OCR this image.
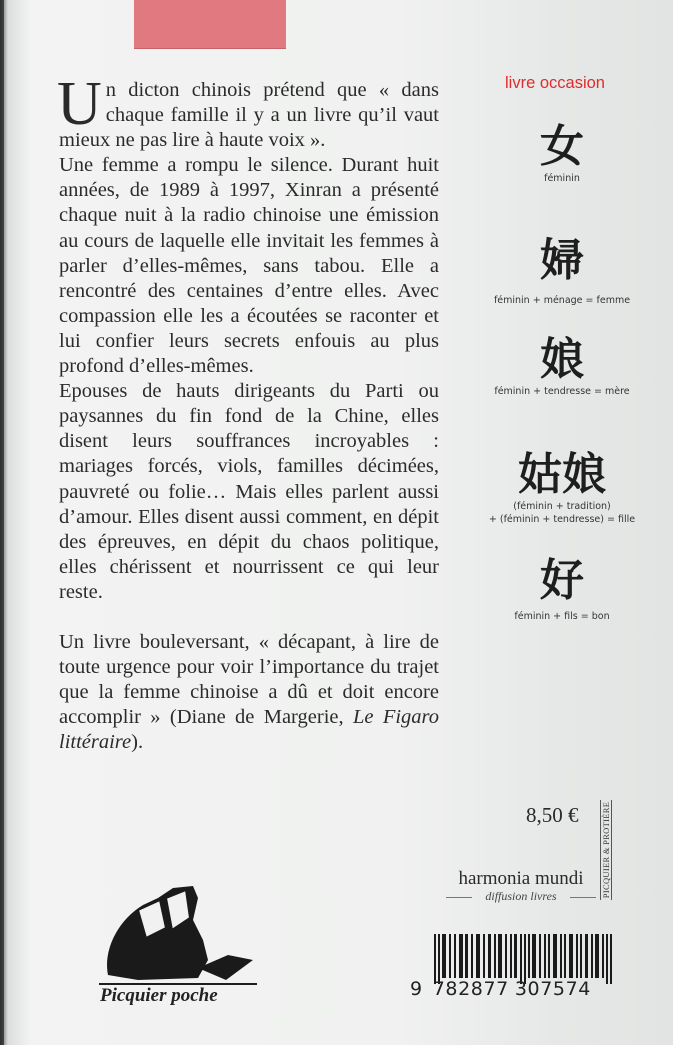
livre occasion

Un dicton chinois prétend que « dans chaque famille il y a un livre qu’il vaut mieux ne pas lire à haute voix ».

Une femme a rompu le silence. Durant huit années, de 1989 à 1997, Xinran a présenté chaque nuit à la radio chinoise une émission au cours de laquelle elle invitait les femmes à parler d’elles-mêmes, sans tabou. Elle a rencontré des centaines d’entre elles. Avec compassion elle les a écoutées se raconter et lui confier leurs secrets enfouis au plus profond d’elles-mêmes.

Epouses de hauts dirigeants du Parti ou paysannes du fin fond de la Chine, elles disent leurs souffrances incroyables : mariages forcés, viols, familles décimées, pauvreté ou folie… Mais elles parlent aussi d’amour. Elles disent aussi comment, en dépit des épreuves, en dépit du chaos politique, elles chérissent et nourrissent ce qui leur reste.

Un livre bouleversant, « décapant, à lire de toute urgence pour voir l’importance du trajet que la femme chinoise a dû et doit encore accomplir » (Diane de Margerie, Le Figaro littéraire).

女
féminin
婦
féminin + ménage = femme
娘
féminin + tendresse = mère
姑娘
(féminin + tradition)
+ (féminin + tendresse) = fille
好
féminin + fils = bon
8,50 €	PICQUIER & PROTIÈRE
harmonia mundi
diffusion livres
9 782877 307574
Picquier poche
